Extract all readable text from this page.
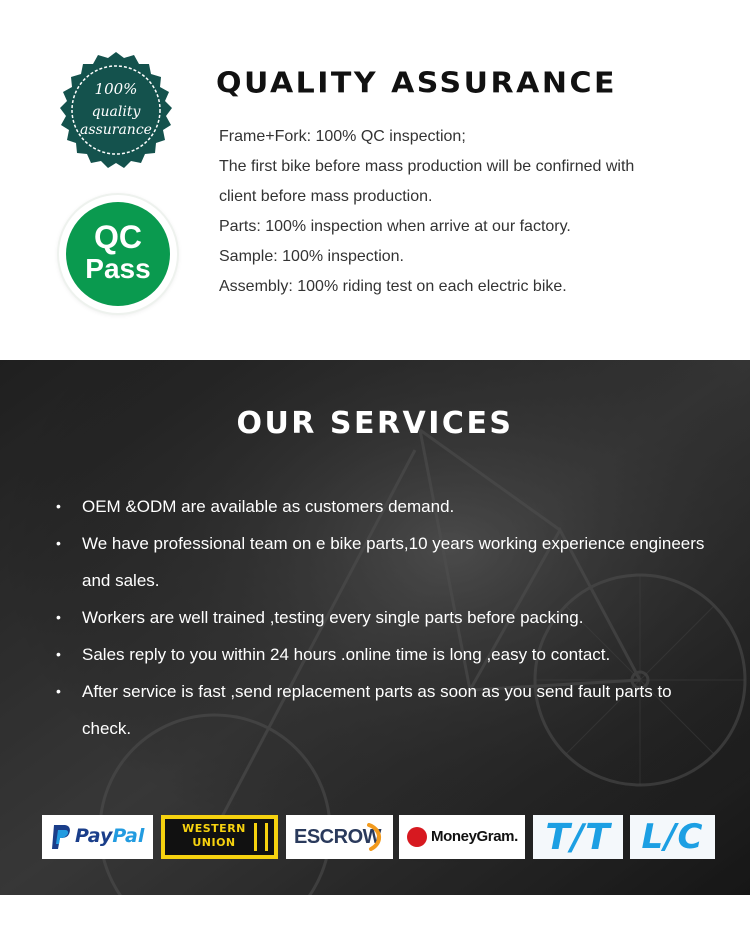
100%
quality
assurance
QC
Pass
QUALITY ASSURANCE
Frame+Fork: 100% QC inspection;
The first bike before mass production will be confirned with
client before mass production.
Parts: 100% inspection when arrive at our factory.
Sample: 100% inspection.
Assembly: 100% riding test on each electric bike.
OUR SERVICES
• OEM &ODM are available as customers demand.
• We have professional team on e bike parts,10 years working experience engineers and sales.
• Workers are well trained ,testing every single parts before packing.
• Sales reply to you within 24 hours .online time is long ,easy to contact.
• After service is fast ,send replacement parts as soon as you send fault parts to check.
PayPal	WESTERN
UNION	ESCROW	MoneyGram. T/T L/C
